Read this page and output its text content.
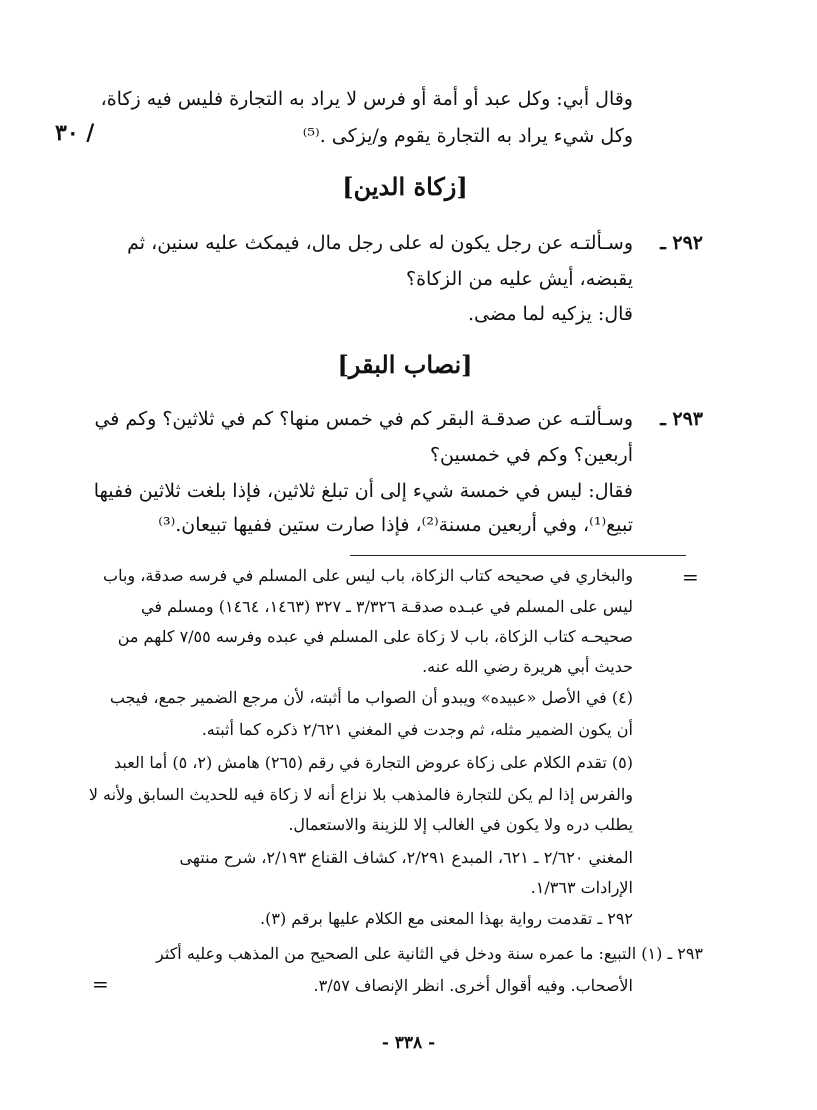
وقال أبي: وكل عبد أو أمة أو فرس لا يراد به التجارة فليس فيه زكاة،

وكل شيء يراد به التجارة يقوم و/يزكى .⁽⁵⁾

/ ٣٠
[زكاة الدين]
٢٩٢ ـ

وسـألتـه عن رجل يكون له على رجل مال، فيمكث عليه سنين، ثم

يقبضه، أيش عليه من الزكاة؟

قال: يزكيه لما مضى.

[نصاب البقر]
٢٩٣ ـ

وسـألتـه عن صدقـة البقر كم في خمس منها؟ كم في ثلاثين؟ وكم في

أربعين؟ وكم في خمسين؟

فقال: ليس في خمسة شيء إلى أن تبلغ ثلاثين، فإذا بلغت ثلاثين ففيها

تبيع⁽¹⁾، وفي أربعين مسنة⁽²⁾، فإذا صارت ستين ففيها تبيعان.⁽³⁾

=

والبخاري في صحيحه كتاب الزكاة، باب ليس على المسلم في فرسه صدقة، وباب

ليس على المسلم في عبـده صدقـة ٣/٣٢٦ ـ ٣٢٧ (١٤٦٣، ١٤٦٤) ومسلم في

صحيحـه كتاب الزكاة، باب لا زكاة على المسلم في عبده وفرسه ٧/٥٥ كلهم من

حديث أبي هريرة رضي الله عنه.

(٤) في الأصل «عبيده» ويبدو أن الصواب ما أثبته، لأن مرجع الضمير جمع، فيجب

أن يكون الضمير مثله، ثم وجدت في المغني ٢/٦٢١ ذكره كما أثبته.

(٥) تقدم الكلام على زكاة عروض التجارة في رقم (٢٦٥) هامش (٢، ٥) أما العبد

والفرس إذا لم يكن للتجارة فالمذهب بلا نزاع أنه لا زكاة فيه للحديث السابق ولأنه لا

يطلب دره ولا يكون في الغالب إلا للزينة والاستعمال.

المغني ٢/٦٢٠ ـ ٦٢١، المبدع ٢/٢٩١، كشاف القناع ٢/١٩٣، شرح منتهى

الإرادات ١/٣٦٣.

٢٩٢ ـ تقدمت رواية بهذا المعنى مع الكلام عليها برقم (٣).

٢٩٣ ـ (١) التبيع: ما عمره سنة ودخل في الثانية على الصحيح من المذهب وعليه أكثر

الأصحاب. وفيه أقوال أخرى. انظر الإنصاف ٣/٥٧.

=
- ٣٣٨ -
